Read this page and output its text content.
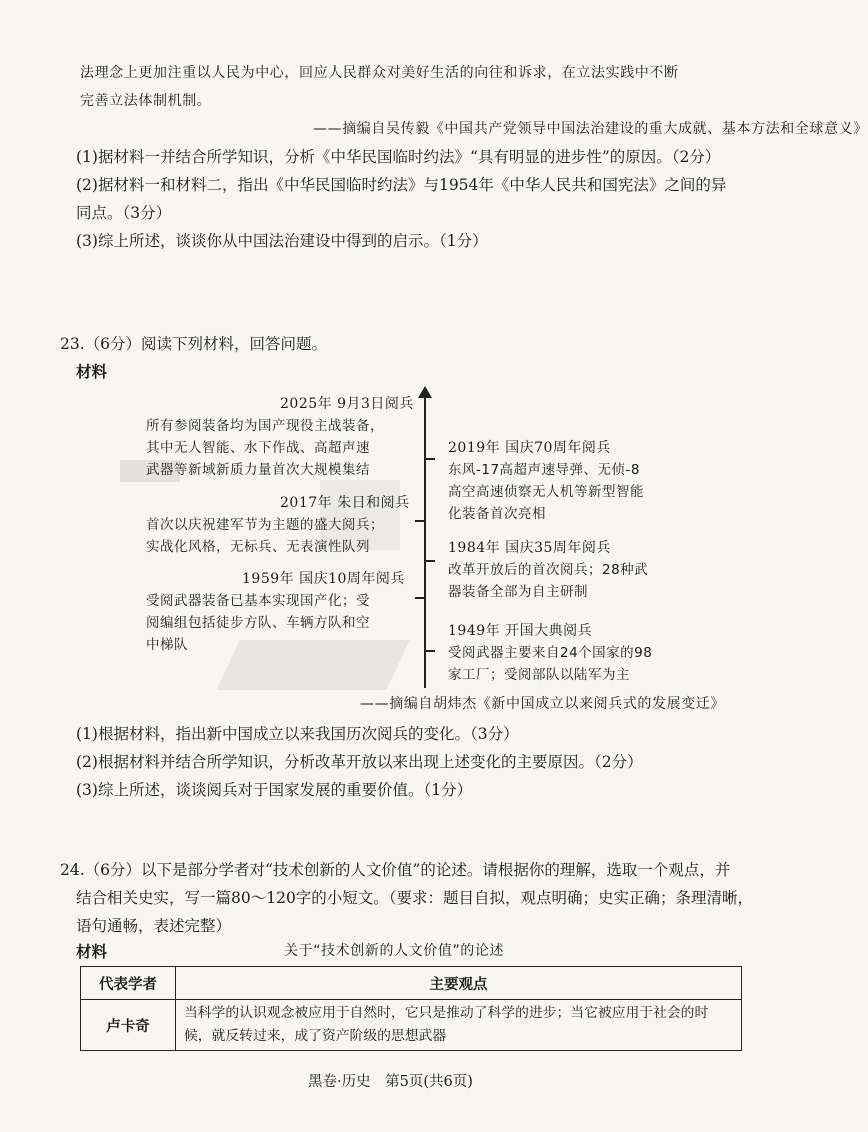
法理念上更加注重以人民为中心，回应人民群众对美好生活的向往和诉求，在立法实践中不断
完善立法体制机制。
——摘编自吴传毅《中国共产党领导中国法治建设的重大成就、基本方法和全球意义》
(1)据材料一并结合所学知识，分析《中华民国临时约法》“具有明显的进步性”的原因。（2分）
(2)据材料一和材料二，指出《中华民国临时约法》与1954年《中华人民共和国宪法》之间的异
同点。（3分）
(3)综上所述，谈谈你从中国法治建设中得到的启示。（1分）
23.（6分）阅读下列材料，回答问题。
材料
2025年 9月3日阅兵
所有参阅装备均为国产现役主战装备，
其中无人智能、水下作战、高超声速
武器等新域新质力量首次大规模集结
2017年 朱日和阅兵
首次以庆祝建军节为主题的盛大阅兵；
实战化风格，无标兵、无表演性队列
1959年 国庆10周年阅兵
受阅武器装备已基本实现国产化；受
阅编组包括徒步方队、车辆方队和空
中梯队
2019年 国庆70周年阅兵
东风-17高超声速导弹、无侦-8
高空高速侦察无人机等新型智能
化装备首次亮相
1984年 国庆35周年阅兵
改革开放后的首次阅兵；28种武
器装备全部为自主研制
1949年 开国大典阅兵
受阅武器主要来自24个国家的98
家工厂；受阅部队以陆军为主
——摘编自胡炜杰《新中国成立以来阅兵式的发展变迁》
(1)根据材料，指出新中国成立以来我国历次阅兵的变化。（3分）
(2)根据材料并结合所学知识，分析改革开放以来出现上述变化的主要原因。（2分）
(3)综上所述，谈谈阅兵对于国家发展的重要价值。（1分）
24.（6分）以下是部分学者对“技术创新的人文价值”的论述。请根据你的理解，选取一个观点，并
结合相关史实，写一篇80～120字的小短文。（要求：题目自拟，观点明确；史实正确；条理清晰，
语句通畅，表述完整）
材料	关于“技术创新的人文价值”的论述
代表学者	主要观点
卢卡奇	当科学的认识观念被应用于自然时，它只是推动了科学的进步；当它被应用于社会的时候，就反转过来，成了资产阶级的思想武器
黑卷·历史　第5页(共6页)
